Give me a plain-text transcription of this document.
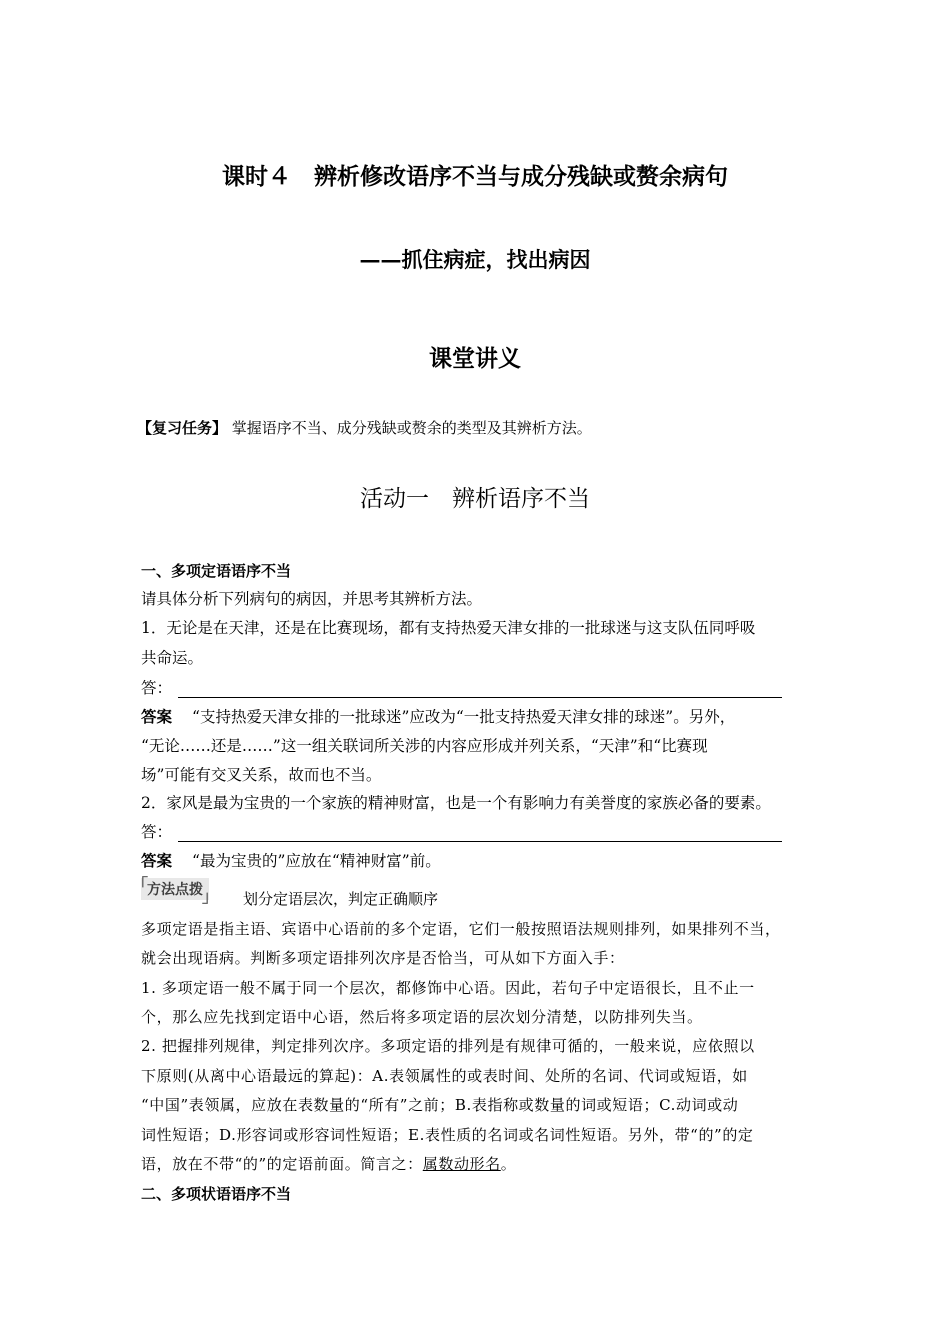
课时４　辨析修改语序不当与成分残缺或赘余病句
——抓住病症，找出病因
课堂讲义
【复习任务】 掌握语序不当、成分残缺或赘余的类型及其辨析方法。
活动一　辨析语序不当
一、多项定语语序不当
请具体分析下列病句的病因，并思考其辨析方法。
1．无论是在天津，还是在比赛现场，都有支持热爱天津女排的一批球迷与这支队伍同呼吸
共命运。
答：
答案 “支持热爱天津女排的一批球迷”应改为“一批支持热爱天津女排的球迷”。另外，
“无论……还是……”这一组关联词所关涉的内容应形成并列关系，“天津”和“比赛现
场”可能有交叉关系，故而也不当。
2．家风是最为宝贵的一个家族的精神财富，也是一个有影响力有美誉度的家族必备的要素。
答：
答案 “最为宝贵的”应放在“精神财富”前。
「 方法点拨 」	划分定语层次，判定正确顺序
多项定语是指主语、宾语中心语前的多个定语，它们一般按照语法规则排列，如果排列不当，
就会出现语病。判断多项定语排列次序是否恰当，可从如下方面入手：
1. 多项定语一般不属于同一个层次，都修饰中心语。因此，若句子中定语很长，且不止一
个，那么应先找到定语中心语，然后将多项定语的层次划分清楚，以防排列失当。
2. 把握排列规律，判定排列次序。多项定语的排列是有规律可循的，一般来说，应依照以
下原则(从离中心语最远的算起)：A.表领属性的或表时间、处所的名词、代词或短语，如
“中国”表领属，应放在表数量的“所有”之前；B.表指称或数量的词或短语；C.动词或动
词性短语；D.形容词或形容词性短语；E.表性质的名词或名词性短语。另外，带“的”的定
语，放在不带“的”的定语前面。简言之：属数动形名。
二、多项状语语序不当
